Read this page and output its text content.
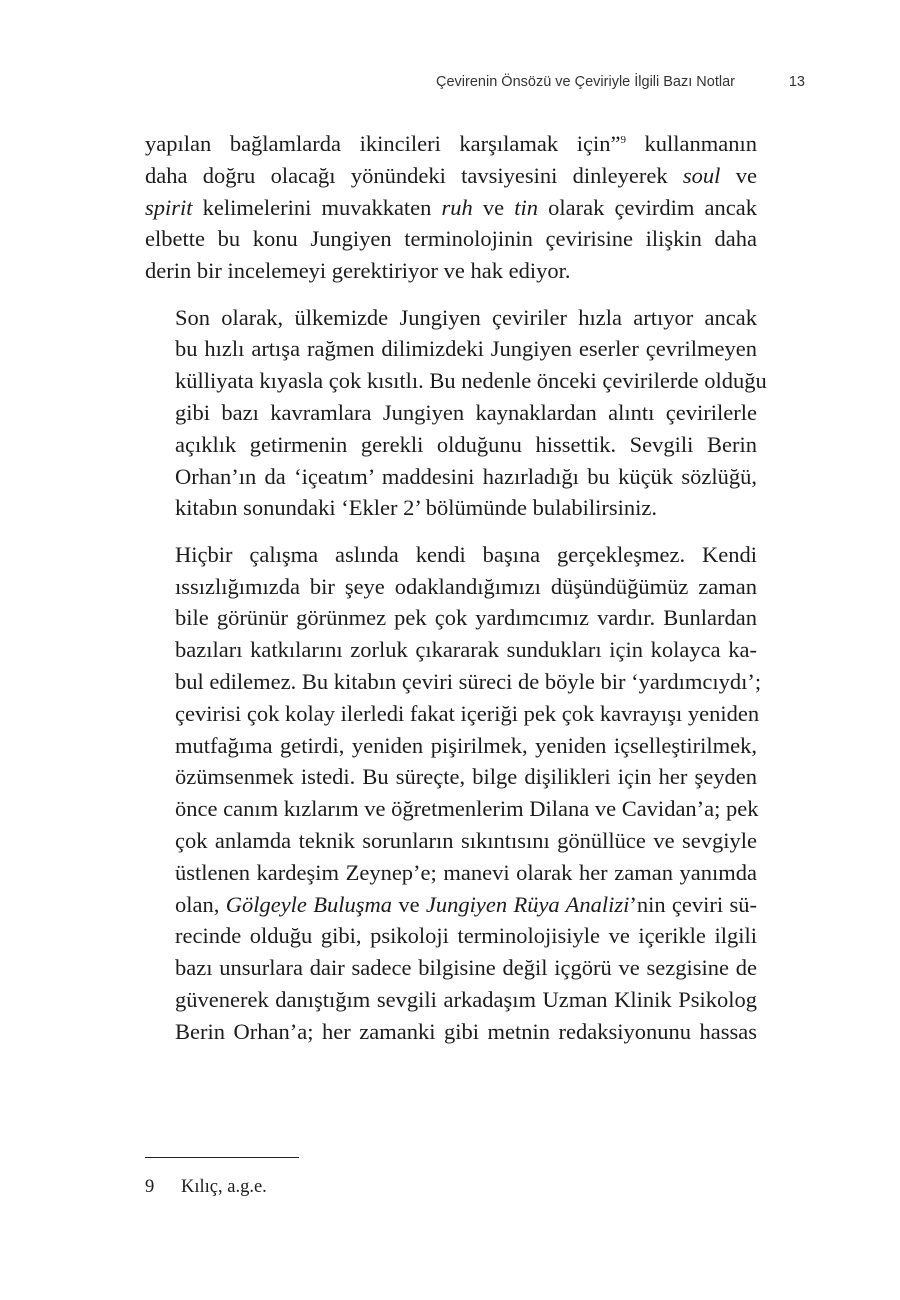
Çevirenin Önsözü ve Çeviriyle İlgili Bazı Notlar	13

yapılan bağlamlarda ikincileri karşılamak için”$^9$ kullanmanın
daha doğru olacağı yönündeki tavsiyesini dinleyerek soul ve
spirit kelimelerini muvakkaten ruh ve tin olarak çevirdim ancak
elbette bu konu Jungiyen terminolojinin çevirisine ilişkin daha
derin bir incelemeyi gerektiriyor ve hak ediyor.

Son olarak, ülkemizde Jungiyen çeviriler hızla artıyor ancak
bu hızlı artışa rağmen dilimizdeki Jungiyen eserler çevrilmeyen
külliyata kıyasla çok kısıtlı. Bu nedenle önceki çevirilerde olduğu
gibi bazı kavramlara Jungiyen kaynaklardan alıntı çevirilerle
açıklık getirmenin gerekli olduğunu hissettik. Sevgili Berin
Orhan’ın da ‘içeatım’ maddesini hazırladığı bu küçük sözlüğü,
kitabın sonundaki ‘Ekler 2’ bölümünde bulabilirsiniz.

Hiçbir çalışma aslında kendi başına gerçekleşmez. Kendi
ıssızlığımızda bir şeye odaklandığımızı düşündüğümüz zaman
bile görünür görünmez pek çok yardımcımız vardır. Bunlardan
bazıları katkılarını zorluk çıkararak sundukları için kolayca ka-
bul edilemez. Bu kitabın çeviri süreci de böyle bir ‘yardımcıydı’;
çevirisi çok kolay ilerledi fakat içeriği pek çok kavrayışı yeniden
mutfağıma getirdi, yeniden pişirilmek, yeniden içselleştirilmek,
özümsenmek istedi. Bu süreçte, bilge dişilikleri için her şeyden
önce canım kızlarım ve öğretmenlerim Dilana ve Cavidan’a; pek
çok anlamda teknik sorunların sıkıntısını gönüllüce ve sevgiyle
üstlenen kardeşim Zeynep’e; manevi olarak her zaman yanımda
olan, Gölgeyle Buluşma ve Jungiyen Rüya Analizi’nin çeviri sü-
recinde olduğu gibi, psikoloji terminolojisiyle ve içerikle ilgili
bazı unsurlara dair sadece bilgisine değil içgörü ve sezgisine de
güvenerek danıştığım sevgili arkadaşım Uzman Klinik Psikolog
Berin Orhan’a; her zamanki gibi metnin redaksiyonunu hassas

9 Kılıç, a.g.e.
